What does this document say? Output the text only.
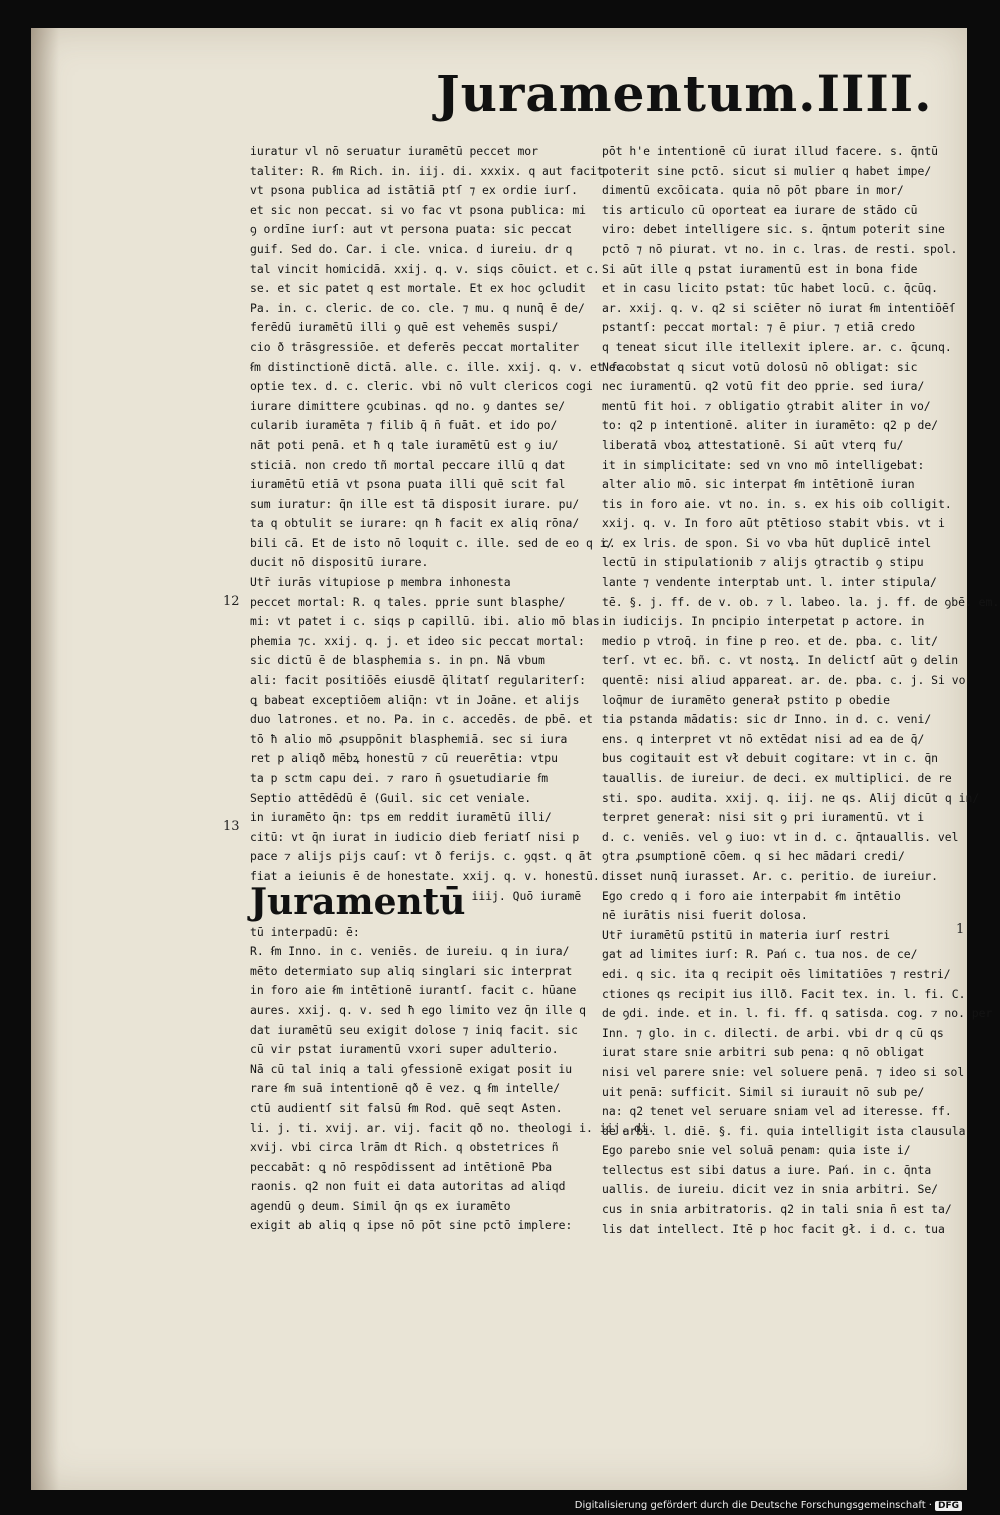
Juramentum.IIII.
iuratur vl nō seruatur iuramētū peccet mor
taliter: R. ẜm Rich. in. iij. di. xxxix. q aut facit
vt psona publica ad istātiā ptſ ⁊ ex ordie iurſ.
et sic non peccat. si vo fac vt psona publica: mi
ꝯ ordīne iurſ: aut vt persona puata: sic peccat
guif. Sed do. Car. i cle. vnica. d iureiu. dr q
tal vincit homicidā. xxij. q. v. siqs cōuict. et c.
se. et sic patet q est mortale. Et ex hoc ꝯcludit
Pa. in. c. cleric. de co. cle. ⁊ mu. q nunq̄ ē de/
ferēdū iuramētū illi ꝯ quē est vehemēs suspi/
cio ð trāsgressiōe. et deferēs peccat mortaliter
ẜm distinctionē dictā. alle. c. ille. xxij. q. v. et fac
optie tex. d. c. cleric. vbi nō vult clericos cogi
iurare dimittere ꝯcubinas. qd no. ꝯ dantes se/
cularib iuramēta ⁊ filib q̄ n̄ fuāt. et ido po/
nāt poti penā. et ħ q tale iuramētū est ꝯ iu/
sticiā. non credo tñ mortal peccare illū q dat
iuramētū etiā vt psona puata illi quē scit fal
sum iuratur: q̄n ille est tā disposit iurare. pu/
ta q obtulit se iurare: qn ħ facit ex aliq rōna/
bili cā. Et de isto nō loquit c. ille. sed de eo q i/
ducit nō dispositū iurare.
Utr̄ iurās vitupiose p membra inhonesta
peccet mortal: R. q tales. pprie sunt blasphe/
mi: vt patet i c. siqs p capillū. ibi. alio mō blas
phemia ⁊c. xxij. q. j. et ideo sic peccat mortal:
sic dictū ē de blasphemia s. in pn. Nā vbum
ali: facit positiōēs eiusdē q̄litatſ regulariterſ:
ꝗ babeat exceptiōem aliq̄n: vt in Joāne. et alijs
duo latrones. et no. Pa. in c. accedēs. de pbē. et
tō ħ alio mō ꝓsuppōnit blasphemiā. sec si iura
ret p aliqð mēbꝝ honestū ⁊ cū reuerētia: vtpu
ta p sctm capu dei. ⁊ raro n̄ ꝯsuetudiarie ẜm
Septio attēdēdū ē (Guil. sic cet veniale.
in iuramēto q̄n: tps em reddit iuramētū illi/
citū: vt q̄n iurat in iudicio dieb feriatſ nisi p
pace ⁊ alijs pijs cauſ: vt ð ferijs. c. ꝯqst. q āt
fiat a ieiunis ē de honestate. xxij. q. v. honestū.
Juramentū iiij. Quō iuramē
tū interpadū: ē:
R. ẜm Inno. in c. veniēs. de iureiu. q in iura/
mēto determiato sup aliq singlari sic interprat
in foro aie ẜm intētionē iurantſ. facit c. hūane
aures. xxij. q. v. sed ħ ego limito vez q̄n ille q
dat iuramētū seu exigit dolose ⁊ iniq facit. sic
cū vir pstat iuramentū vxori super adulterio.
Nā cū tal iniq a tali ꝯfessionē exigat posit iu
rare ẜm suā intentionē qð ē vez. ꝗ ẜm intelle/
ctū audientſ sit falsū ẜm Rod. quē seqt Asten.
li. j. ti. xvij. ar. vij. facit qð no. theologi i. iij. di.
xvij. vbi circa lrām dt Rich. q obstetrices ñ
peccabāt: ꝗ nō respōdissent ad intētionē Pba
raonis. q2 non fuit ei data autoritas ad aliqd
agendū ꝯ deum. Simil q̄n qs ex iuramēto
exigit ab aliq q ipse nō pōt sine pctō implere:
pōt h'e intentionē cū iurat illud facere. s. q̄ntū
poterit sine pctō. sicut si mulier q habet impe/
dimentū excōicata. quia nō pōt pbare in mor/
tis articulo cū oporteat ea iurare de stādo cū
viro: debet intelligere sic. s. q̄ntum poterit sine
pctō ⁊ nō piurat. vt no. in c. lras. de resti. spol.
Si aūt ille q pstat iuramentū est in bona fide
et in casu licito pstat: tūc habet locū. c. q̄cūq.
ar. xxij. q. v. q2 si sciēter nō iurat ẜm intentiōēſ
pstantſ: peccat mortal: ⁊ ē piur. ⁊ etiā credo
q teneat sicut ille itellexit iplere. ar. c. q̄cunq.
Nec obstat q sicut votū dolosū nō obligat: sic
nec iuramentū. q2 votū fit deo pprie. sed iura/
mentū fit hoi. ⁊ obligatio ꝯtrabit aliter in vo/
to: q2 p intentionē. aliter in iuramēto: q2 p de/
liberatā vboꝝ attestationē. Si aūt vterq fu/
it in simplicitate: sed vn vno mō intelligebat:
alter alio mō. sic interpat ẜm intētionē iuran
tis in foro aie. vt no. in. s. ex his oib colligit.
xxij. q. v. In foro aūt ptētioso stabit vbis. vt i
c. ex lris. de spon. Si vo vba hūt duplicē intel
lectū in stipulationib ⁊ alijs ꝯtractib ꝯ stipu
lante ⁊ vendente interptab unt. l. inter stipula/
tē. §. j. ff. de v. ob. ⁊ l. labeo. la. j. ff. de ꝯbē. em.
in iudicijs. In pncipio interpetat p actore. in
medio p vtroq̄. in fine p reo. et de. pba. c. lit/
terſ. vt ec. bñ. c. vt nostꝝ. In delictſ aūt ꝯ delin
quentē: nisi aliud appareat. ar. de. pba. c. j. Si vo
loq̄mur de iuramēto generał pstito p obedie
tia pstanda mādatis: sic dr Inno. in d. c. veni/
ens. q interpret vt nō extēdat nisi ad ea de q̄/
bus cogitauit est vł debuit cogitare: vt in c. q̄n
tauallis. de iureiur. de deci. ex multiplici. de re
sti. spo. audita. xxij. q. iij. ne qs. Alij dicūt q in/
terpret generał: nisi sit ꝯ pri iuramentū. vt i
d. c. veniēs. vel ꝯ iuo: vt in d. c. q̄ntauallis. vel
ꝯtra ꝓsumptionē cōem. q si hec mādari credi/
disset nunq̄ iurasset. Ar. c. peritio. de iureiur.
Ego credo q i foro aie interpabit ẜm intētio
nē iurātis nisi fuerit dolosa.
Utr̄ iuramētū pstitū in materia iurſ restri
gat ad limites iurſ: R. Pań c. tua nos. de ce/
edi. q sic. ita q recipit oēs limitatiōes ⁊ restri/
ctiones qs recipit ius illð. Facit tex. in. l. fi. C.
de ꝯdi. inde. et in. l. fi. ff. q satisda. cog. ⁊ no. per
Inn. ⁊ glo. in c. dilecti. de arbi. vbi dr q cū qs
iurat stare snie arbitri sub pena: q nō obligat
nisi vel parere snie: vel soluere penā. ⁊ ideo si sol
uit penā: sufficit. Simil si iurauit nō sub pe/
na: q2 tenet vel seruare sniam vel ad iteresse. ff.
de arbi. l. diē. §. fi. quia intelligit ista clausula
Ego parebo snie vel soluā penam: quia iste i/
tellectus est sibi datus a iure. Pań. in c. q̄nta
uallis. de iureiu. dicit vez in snia arbitri. Se/
cus in snia arbitratoris. q2 in tali snia n̄ est ta/
lis dat intellect. Itē p hoc facit gł. i d. c. tua
12
13
1
Digitalisierung gefördert durch die Deutsche Forschungsgemeinschaft · DFG
